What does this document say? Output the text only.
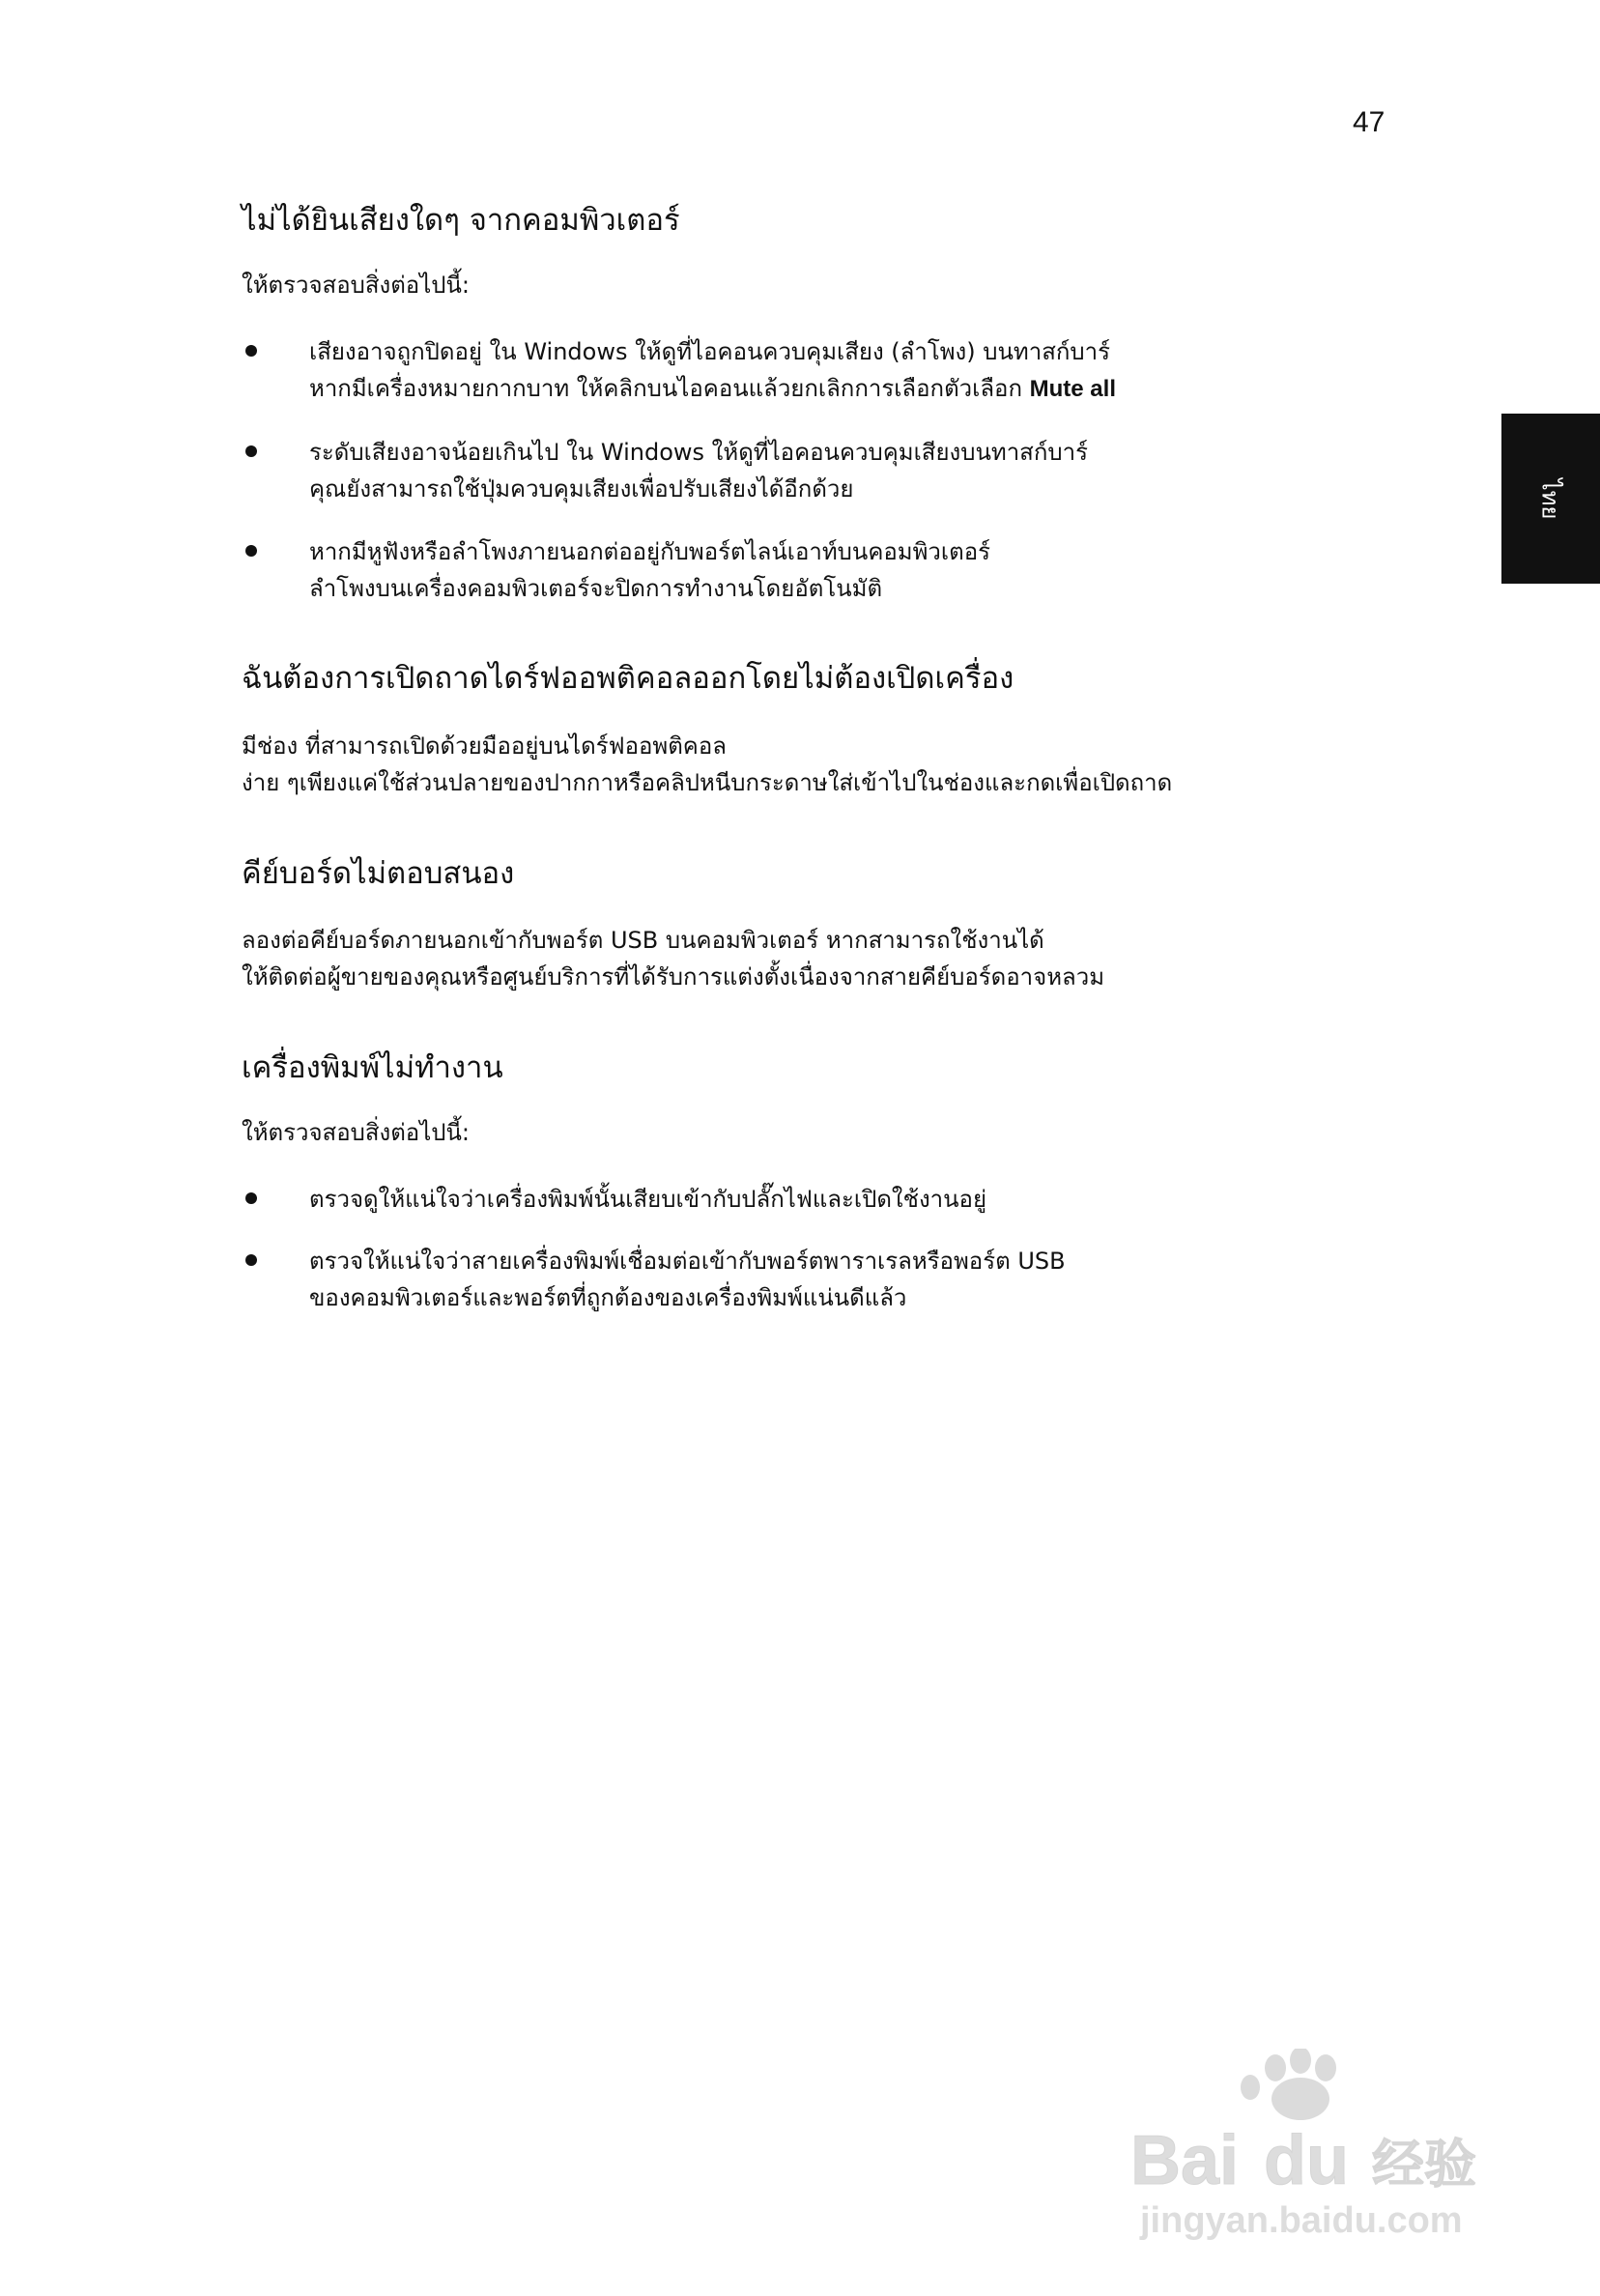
47
ไทย
ไม่ได้ยินเสียงใดๆ จากคอมพิวเตอร์

ให้ตรวจสอบสิ่งต่อไปนี้:

เสียงอาจถูกปิดอยู่ ใน Windows ให้ดูที่ไอคอนควบคุมเสียง (ลำโพง) บนทาสก์บาร์
หากมีเครื่องหมายกากบาท ให้คลิกบนไอคอนแล้วยกเลิกการเลือกตัวเลือก Mute all
ระดับเสียงอาจน้อยเกินไป ใน Windows ให้ดูที่ไอคอนควบคุมเสียงบนทาสก์บาร์
คุณยังสามารถใช้ปุ่มควบคุมเสียงเพื่อปรับเสียงได้อีกด้วย
หากมีหูฟังหรือลำโพงภายนอกต่ออยู่กับพอร์ตไลน์เอาท์บนคอมพิวเตอร์
ลำโพงบนเครื่องคอมพิวเตอร์จะปิดการทำงานโดยอัตโนมัติ
ฉันต้องการเปิดถาดไดร์ฟออพติคอลออกโดยไม่ต้องเปิดเครื่อง

มีช่อง ที่สามารถเปิดด้วยมืออยู่บนไดร์ฟออพติคอล

ง่าย ๆเพียงแค่ใช้ส่วนปลายของปากกาหรือคลิปหนีบกระดาษใส่เข้าไปในช่องและกดเพื่อเปิดถาด

คีย์บอร์ดไม่ตอบสนอง

ลองต่อคีย์บอร์ดภายนอกเข้ากับพอร์ต USB บนคอมพิวเตอร์ หากสามารถใช้งานได้

ให้ติดต่อผู้ขายของคุณหรือศูนย์บริการที่ได้รับการแต่งตั้งเนื่องจากสายคีย์บอร์ดอาจหลวม

เครื่องพิมพ์ไม่ทำงาน

ให้ตรวจสอบสิ่งต่อไปนี้:

ตรวจดูให้แน่ใจว่าเครื่องพิมพ์นั้นเสียบเข้ากับปลั๊กไฟและเปิดใช้งานอยู่
ตรวจให้แน่ใจว่าสายเครื่องพิมพ์เชื่อมต่อเข้ากับพอร์ตพาราเรลหรือพอร์ต USB
ของคอมพิวเตอร์และพอร์ตที่ถูกต้องของเครื่องพิมพ์แน่นดีแล้ว
Bai du 经验
jingyan.baidu.com
